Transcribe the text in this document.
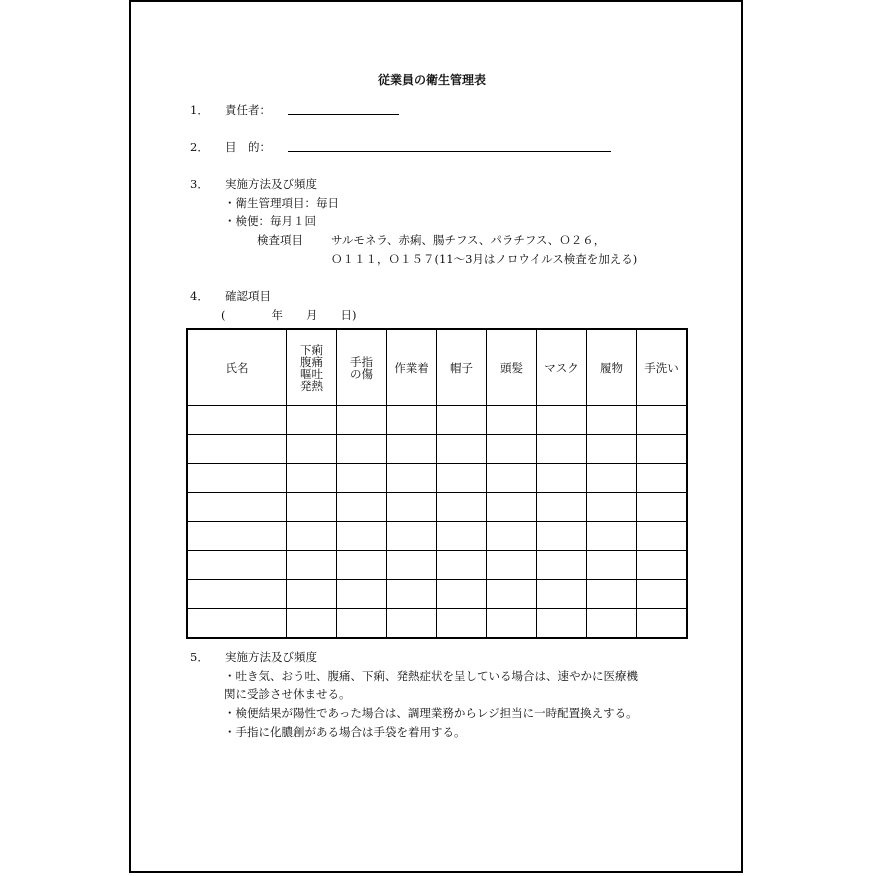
従業員の衛生管理表
1． 責任者：
2． 目　的：
3． 実施方法及び頻度
・衛生管理項目：毎日
・検便：毎月１回
検査項目 サルモネラ、赤痢、腸チフス、パラチフス、Ｏ２６，
Ｏ１１１，Ｏ１５７(11～3月はノロウイルス検査を加える)
4． 確認項目
(　　　　年　　月　　日)
氏名	下痢腹痛嘔吐発熱	手指の傷	作業着	帽子	頭髪	マスク	履物	手洗い

5． 実施方法及び頻度
・吐き気、おう吐、腹痛、下痢、発熱症状を呈している場合は、速やかに医療機
関に受診させ休ませる。
・検便結果が陽性であった場合は、調理業務からレジ担当に一時配置換えする。
・手指に化膿創がある場合は手袋を着用する。
